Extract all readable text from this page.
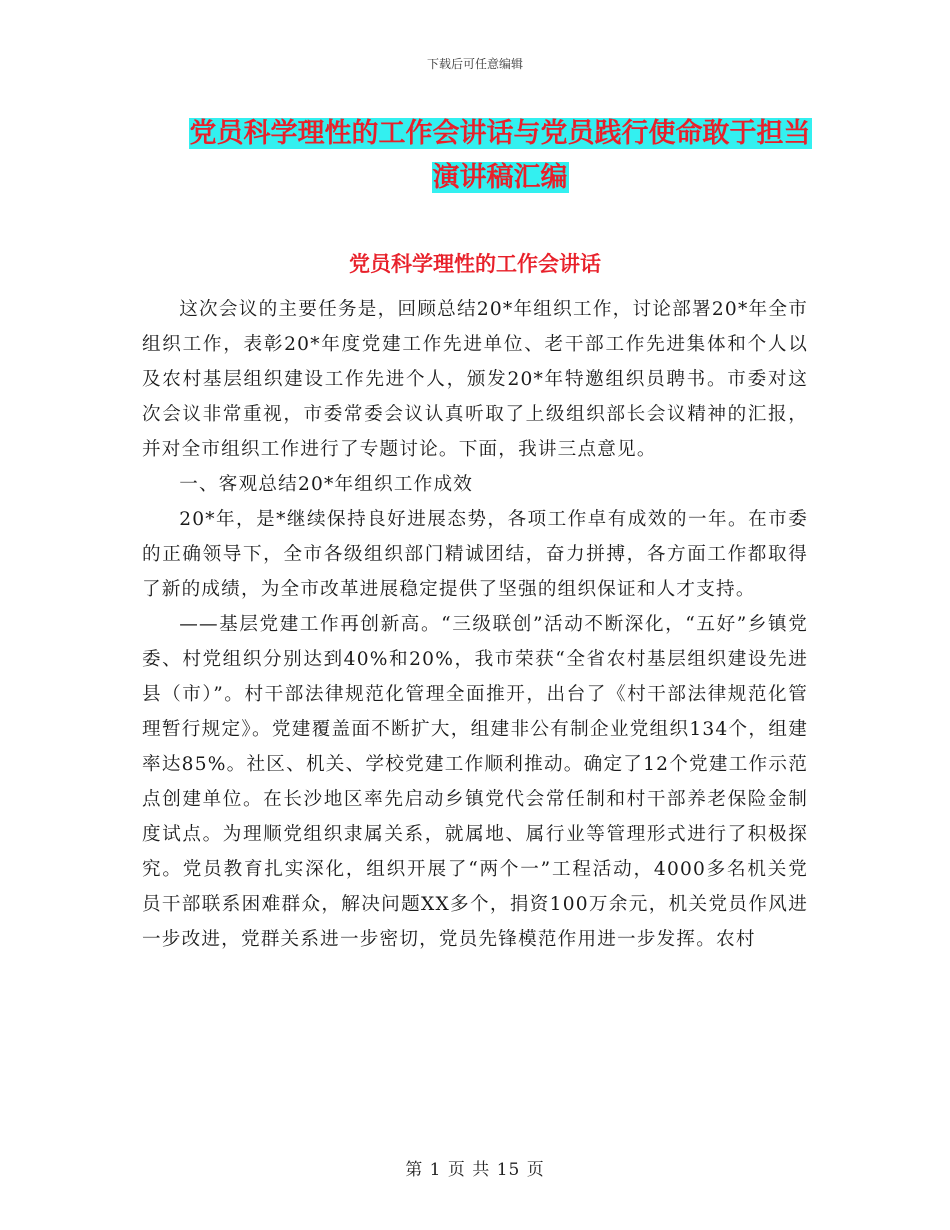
下载后可任意编辑
党员科学理性的工作会讲话与党员践行使命敢于担当
演讲稿汇编
党员科学理性的工作会讲话

这次会议的主要任务是，回顾总结20*年组织工作，讨论部署20*年全市组织工作，表彰20*年度党建工作先进单位、老干部工作先进集体和个人以及农村基层组织建设工作先进个人，颁发20*年特邀组织员聘书。市委对这次会议非常重视，市委常委会议认真听取了上级组织部长会议精神的汇报，并对全市组织工作进行了专题讨论。下面，我讲三点意见。

一、客观总结20*年组织工作成效

20*年，是*继续保持良好进展态势，各项工作卓有成效的一年。在市委的正确领导下，全市各级组织部门精诚团结，奋力拼搏，各方面工作都取得了新的成绩，为全市改革进展稳定提供了坚强的组织保证和人才支持。

——基层党建工作再创新高。“三级联创”活动不断深化，“五好”乡镇党委、村党组织分别达到40%和20%，我市荣获“全省农村基层组织建设先进县（市）”。村干部法律规范化管理全面推开，出台了《村干部法律规范化管理暂行规定》。党建覆盖面不断扩大，组建非公有制企业党组织134个，组建率达85%。社区、机关、学校党建工作顺利推动。确定了12个党建工作示范点创建单位。在长沙地区率先启动乡镇党代会常任制和村干部养老保险金制度试点。为理顺党组织隶属关系，就属地、属行业等管理形式进行了积极探究。党员教育扎实深化，组织开展了“两个一”工程活动，4000多名机关党员干部联系困难群众，解决问题XX多个，捐资100万余元，机关党员作风进一步改进，党群关系进一步密切，党员先锋模范作用进一步发挥。农村

第 1 页 共 15 页
